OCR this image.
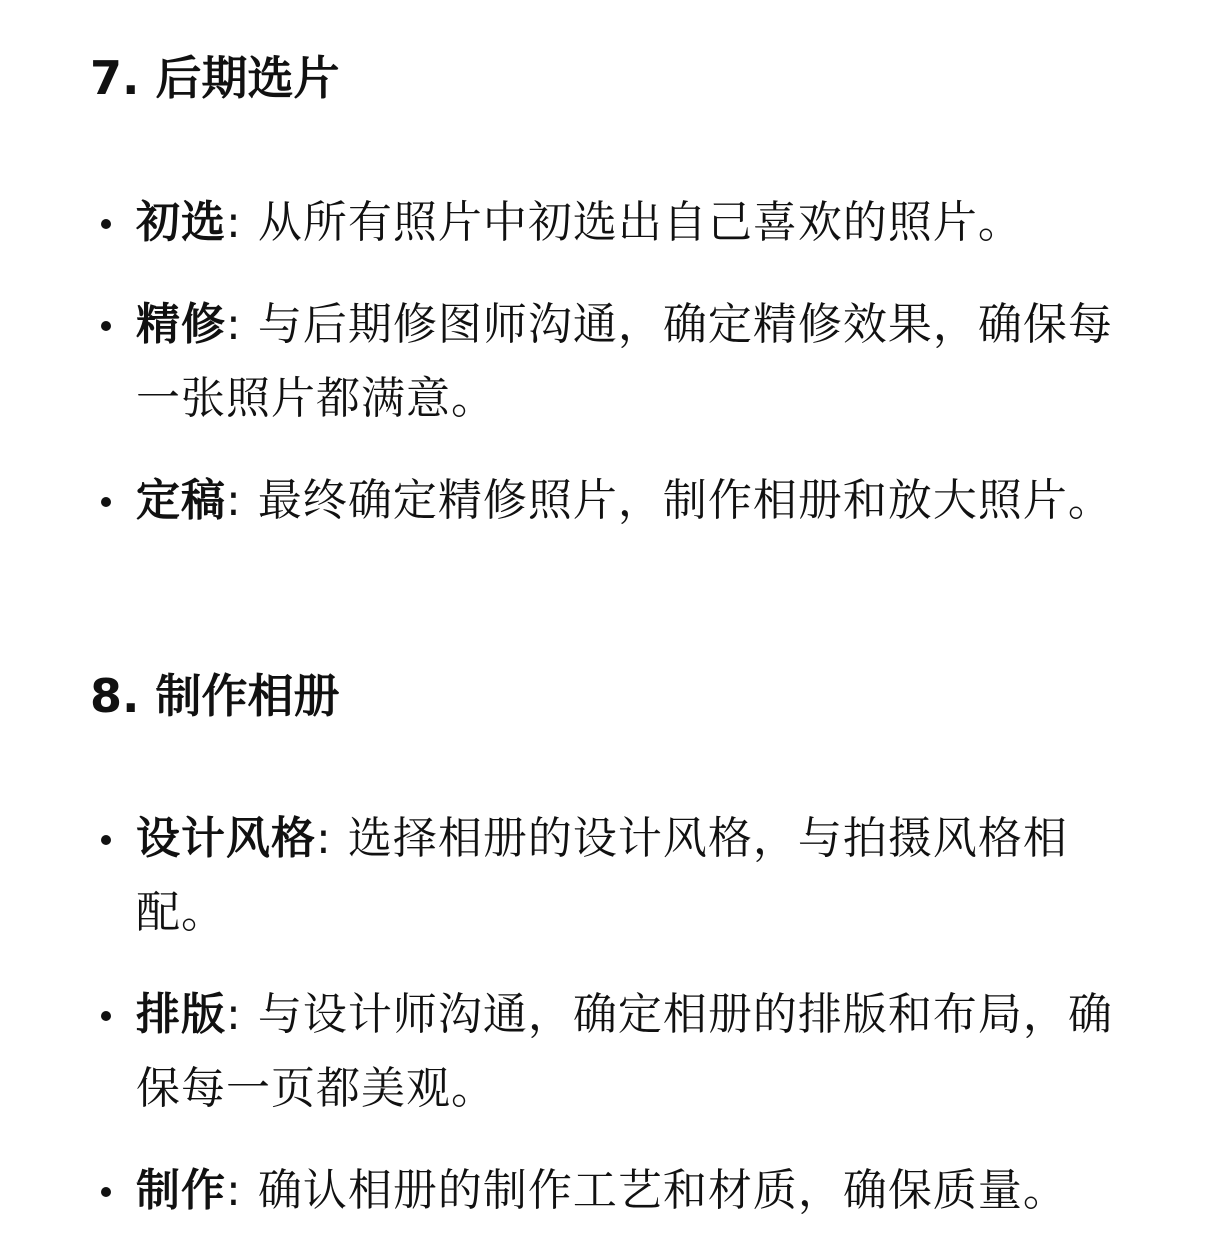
7. 后期选片
初选: 从所有照片中初选出自己喜欢的照片。
精修: 与后期修图师沟通，确定精修效果，确保每一张照片都满意。
定稿: 最终确定精修照片，制作相册和放大照片。
8. 制作相册
设计风格: 选择相册的设计风格，与拍摄风格相配。
排版: 与设计师沟通，确定相册的排版和布局，确保每一页都美观。
制作: 确认相册的制作工艺和材质，确保质量。
